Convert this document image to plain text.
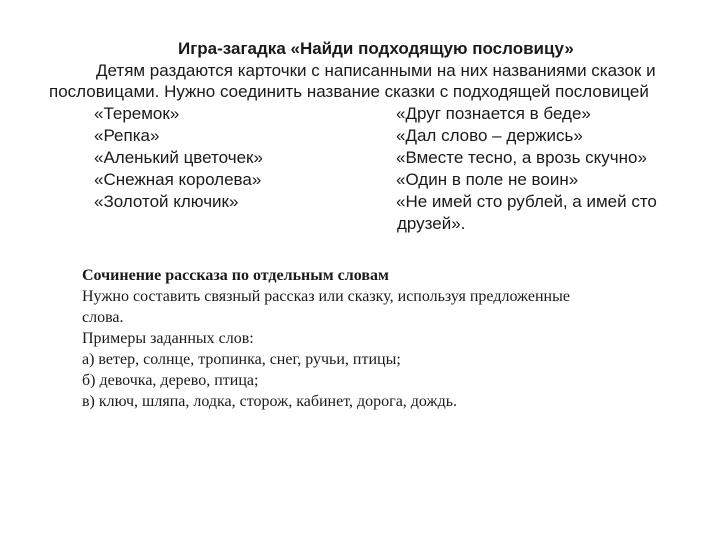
Игра-загадка «Найди подходящую пословицу»

Детям раздаются карточки с написанными на них названиями сказок и

пословицами. Нужно соединить название сказки с подходящей пословицей

«Теремок»
«Репка»
«Аленький цветочек»
«Снежная королева»
«Золотой ключик»
«Друг познается в беде»
«Дал слово – держись»
«Вместе тесно, а врозь скучно»
«Один в поле не воин»
«Не имей сто рублей, а имей сто
друзей».
Сочинение рассказа по отдельным словам

Нужно составить связный рассказ или сказку, используя предложенные

слова.

Примеры заданных слов:

а) ветер, солнце, тропинка, снег, ручьи, птицы;

б) девочка, дерево, птица;

в) ключ, шляпа, лодка, сторож, кабинет, дорога, дождь.
